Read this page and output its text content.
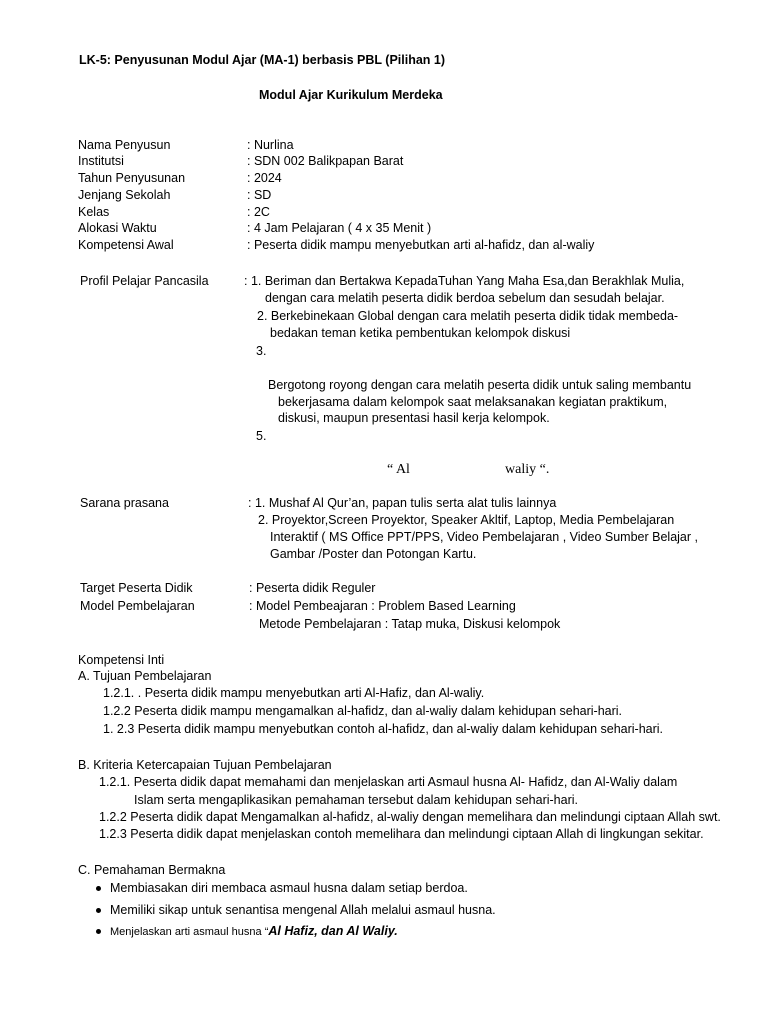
LK-5: Penyusunan Modul Ajar (MA-1) berbasis PBL (Pilihan 1)
Modul Ajar Kurikulum Merdeka
Nama Penyusun	: Nurlina
Institutsi	: SDN 002 Balikpapan Barat
Tahun Penyusunan	: 2024
Jenjang Sekolah	: SD
Kelas	: 2C
Alokasi Waktu	: 4 Jam Pelajaran ( 4 x 35 Menit )
Kompetensi Awal	: Peserta didik mampu menyebutkan arti al-hafidz, dan al-waliy
Profil Pelajar Pancasila	: 1. Beriman dan Bertakwa KepadaTuhan Yang Maha Esa,dan Berakhlak Mulia,
dengan cara melatih peserta didik berdoa sebelum dan sesudah belajar.
2. Berkebinekaan Global dengan cara melatih peserta didik tidak membeda-
bedakan teman ketika pembentukan kelompok diskusi
3.
Bergotong royong dengan cara melatih peserta didik untuk saling membantu
bekerjasama dalam kelompok saat melaksanakan kegiatan praktikum,
diskusi, maupun presentasi hasil kerja kelompok.
5.
“ Al	waliy “.
Sarana prasana	: 1. Mushaf Al Qur’an, papan tulis serta alat tulis lainnya
2. Proyektor,Screen Proyektor, Speaker Akltif, Laptop, Media Pembelajaran
Interaktif ( MS Office PPT/PPS, Video Pembelajaran , Video Sumber Belajar ,
Gambar /Poster dan Potongan Kartu.
Target Peserta Didik	: Peserta didik Reguler
Model Pembelajaran	: Model Pembeajaran : Problem Based Learning
Metode Pembelajaran : Tatap muka, Diskusi kelompok
Kompetensi Inti
A. Tujuan Pembelajaran
1.2.1. . Peserta didik mampu menyebutkan arti Al-Hafiz, dan Al-waliy.
1.2.2 Peserta didik mampu mengamalkan al-hafidz, dan al-waliy dalam kehidupan sehari-hari.
1. 2.3 Peserta didik mampu menyebutkan contoh al-hafidz, dan al-waliy dalam kehidupan sehari-hari.
B. Kriteria Ketercapaian Tujuan Pembelajaran
1.2.1. Peserta didik dapat memahami dan menjelaskan arti Asmaul husna Al- Hafidz, dan Al-Waliy dalam
Islam serta mengaplikasikan pemahaman tersebut dalam kehidupan sehari-hari.
1.2.2 Peserta didik dapat Mengamalkan al-hafidz, al-waliy dengan memelihara dan melindungi ciptaan Allah swt.
1.2.3 Peserta didik dapat menjelaskan contoh memelihara dan melindungi ciptaan Allah di lingkungan sekitar.
C. Pemahaman Bermakna
Membiasakan diri membaca asmaul husna dalam setiap berdoa.
Memiliki sikap untuk senantisa mengenal Allah melalui asmaul husna.
Menjelaskan arti asmaul husna “Al Hafiz, dan Al Waliy.
